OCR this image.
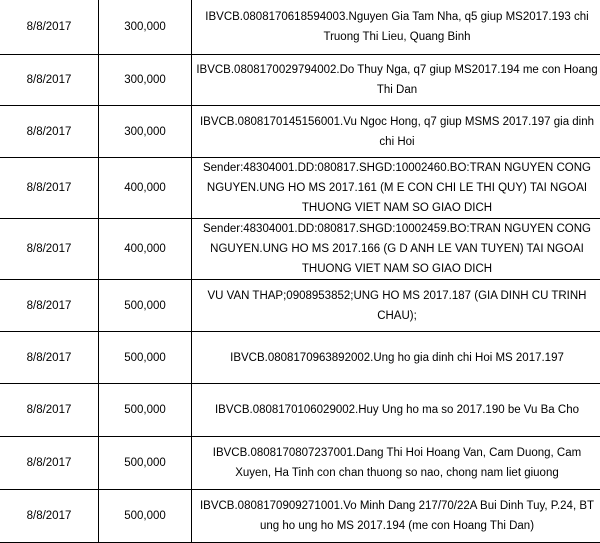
8/8/2017	300,000	IBVCB.0808170618594003.Nguyen Gia Tam Nha, q5 giup MS2017.193 chi Truong Thi Lieu, Quang Binh
8/8/2017	300,000	IBVCB.0808170029794002.Do Thuy Nga, q7 giup MS2017.194 me con Hoang Thi Dan
8/8/2017	300,000	IBVCB.0808170145156001.Vu Ngoc Hong, q7 giup MSMS 2017.197 gia dinh chi Hoi
8/8/2017	400,000	Sender:48304001.DD:080817.SHGD:10002460.BO:TRAN NGUYEN CONG NGUYEN.UNG HO MS 2017.161 (M E CON CHI LE THI QUY) TAI NGOAI THUONG VIET NAM SO GIAO DICH
8/8/2017	400,000	Sender:48304001.DD:080817.SHGD:10002459.BO:TRAN NGUYEN CONG NGUYEN.UNG HO MS 2017.166 (G D ANH LE VAN TUYEN) TAI NGOAI THUONG VIET NAM SO GIAO DICH
8/8/2017	500,000	VU VAN THAP;0908953852;UNG HO MS 2017.187 (GIA DINH CU TRINH CHAU);
8/8/2017	500,000	IBVCB.0808170963892002.Ung ho gia dinh chi Hoi MS 2017.197
8/8/2017	500,000	IBVCB.0808170106029002.Huy Ung ho ma so 2017.190 be Vu Ba Cho
8/8/2017	500,000	IBVCB.0808170807237001.Dang Thi Hoi Hoang Van, Cam Duong, Cam Xuyen, Ha Tinh con chan thuong so nao, chong nam liet giuong
8/8/2017	500,000	IBVCB.0808170909271001.Vo Minh Dang 217/70/22A Bui Dinh Tuy, P.24, BT ung ho ung ho MS 2017.194 (me con Hoang Thi Dan)
